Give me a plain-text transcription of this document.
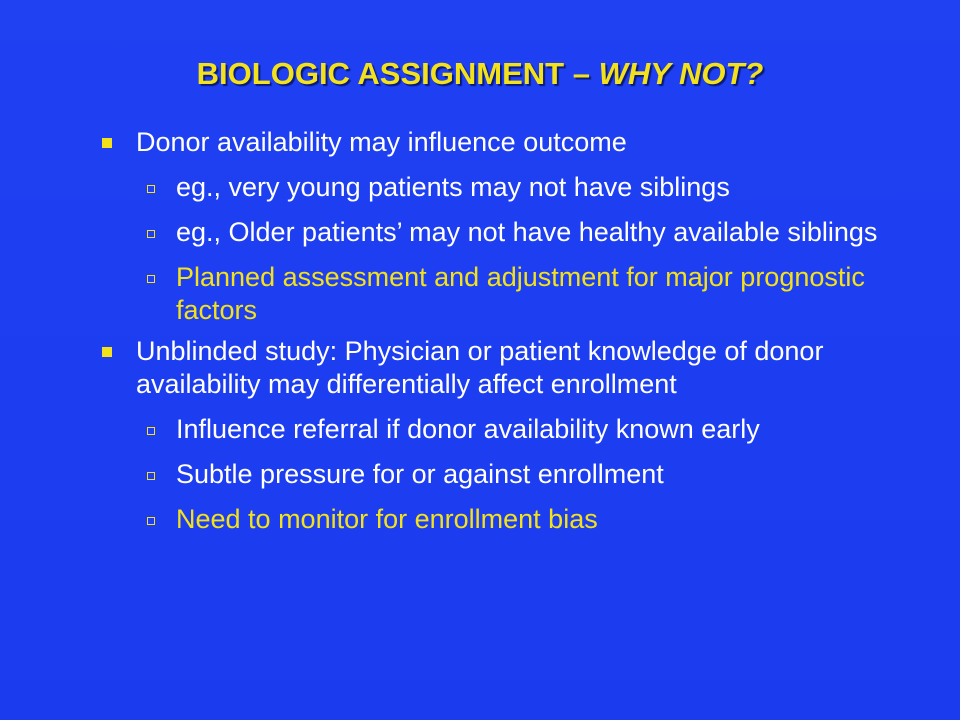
BIOLOGIC ASSIGNMENT – WHY NOT?
Donor availability may influence outcome
eg., very young patients may not have siblings
eg., Older patients’ may not have healthy available siblings
Planned assessment and adjustment for major prognostic factors
Unblinded study: Physician or patient knowledge of donor availability may differentially affect enrollment
Influence referral if donor availability known early
Subtle pressure for or against enrollment
Need to monitor for enrollment bias
